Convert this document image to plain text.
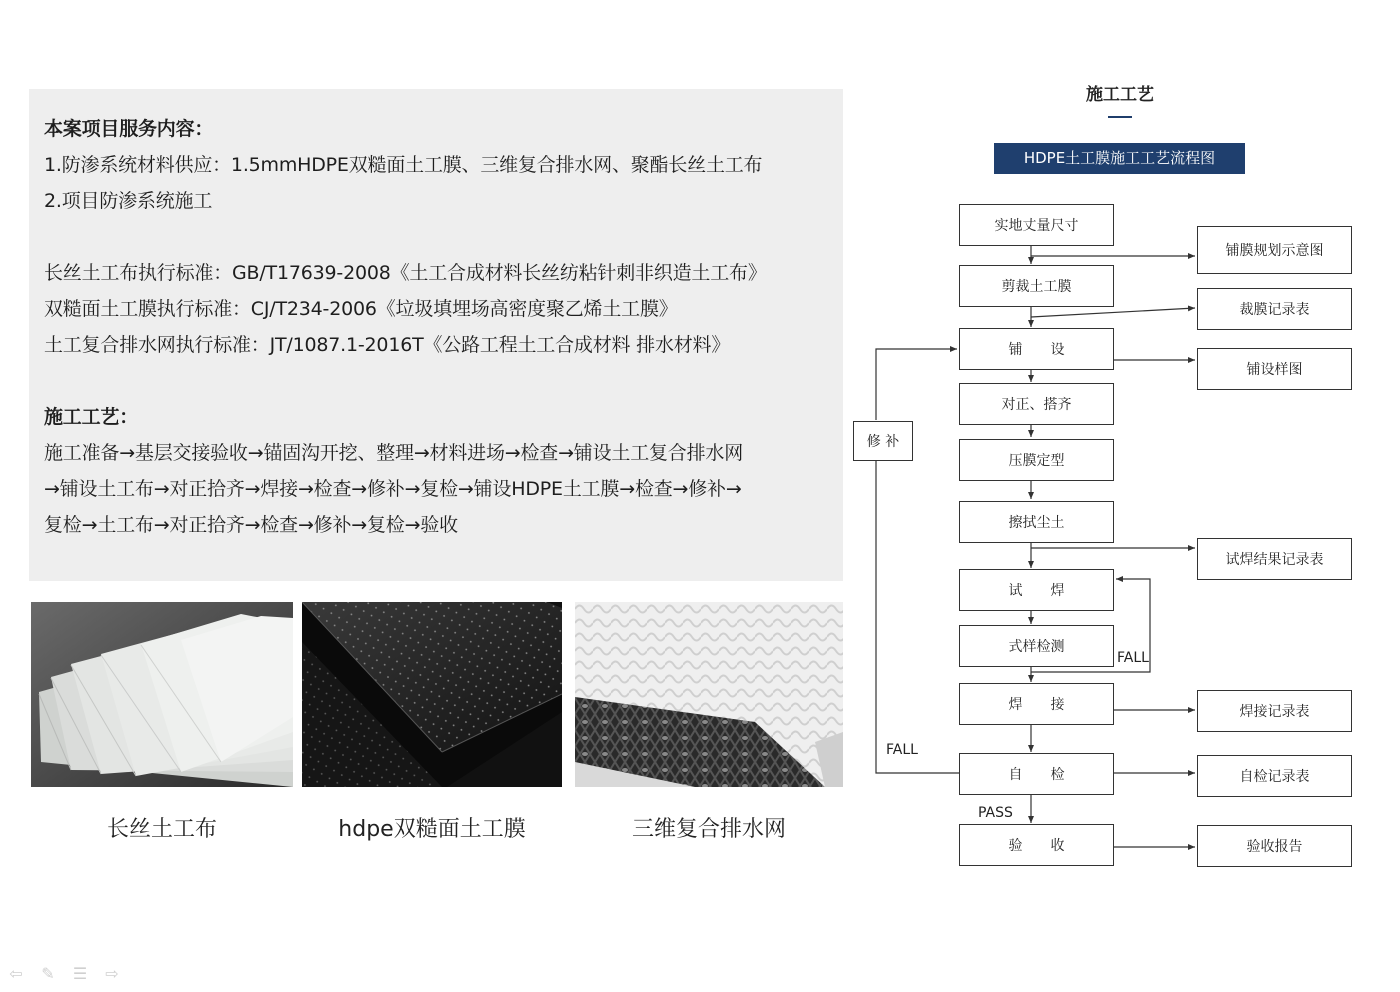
本案项目服务内容：

1.防渗系统材料供应：1.5mmHDPE双糙面土工膜、三维复合排水网、聚酯长丝土工布

2.项目防渗系统施工

长丝土工布执行标准：GB/T17639-2008《土工合成材料长丝纺粘针刺非织造土工布》

双糙面土工膜执行标准：CJ/T234-2006《垃圾填埋场高密度聚乙烯土工膜》

土工复合排水网执行标准：JT/1087.1-2016T《公路工程土工合成材料 排水材料》

施工工艺：

施工准备→基层交接验收→锚固沟开挖、整理→材料进场→检查→铺设土工复合排水网

→铺设土工布→对正拾齐→焊接→检查→修补→复检→铺设HDPE土工膜→检查→修补→

复检→土工布→对正拾齐→检查→修补→复检→验收

长丝土工布	hdpe双糙面土工膜	三维复合排水网
施工工艺
HDPE土工膜施工工艺流程图
实地丈量尺寸
剪裁土工膜
铺　　设
对正、搭齐
压膜定型
擦拭尘土
试　　焊
式样检测
焊　　接
自　　检
验　　收
铺膜规划示意图
裁膜记录表
铺设样图
试焊结果记录表
焊接记录表
自检记录表
验收报告
修 补
FALL
FALL
PASS
⇦	✎	☰	⇨
